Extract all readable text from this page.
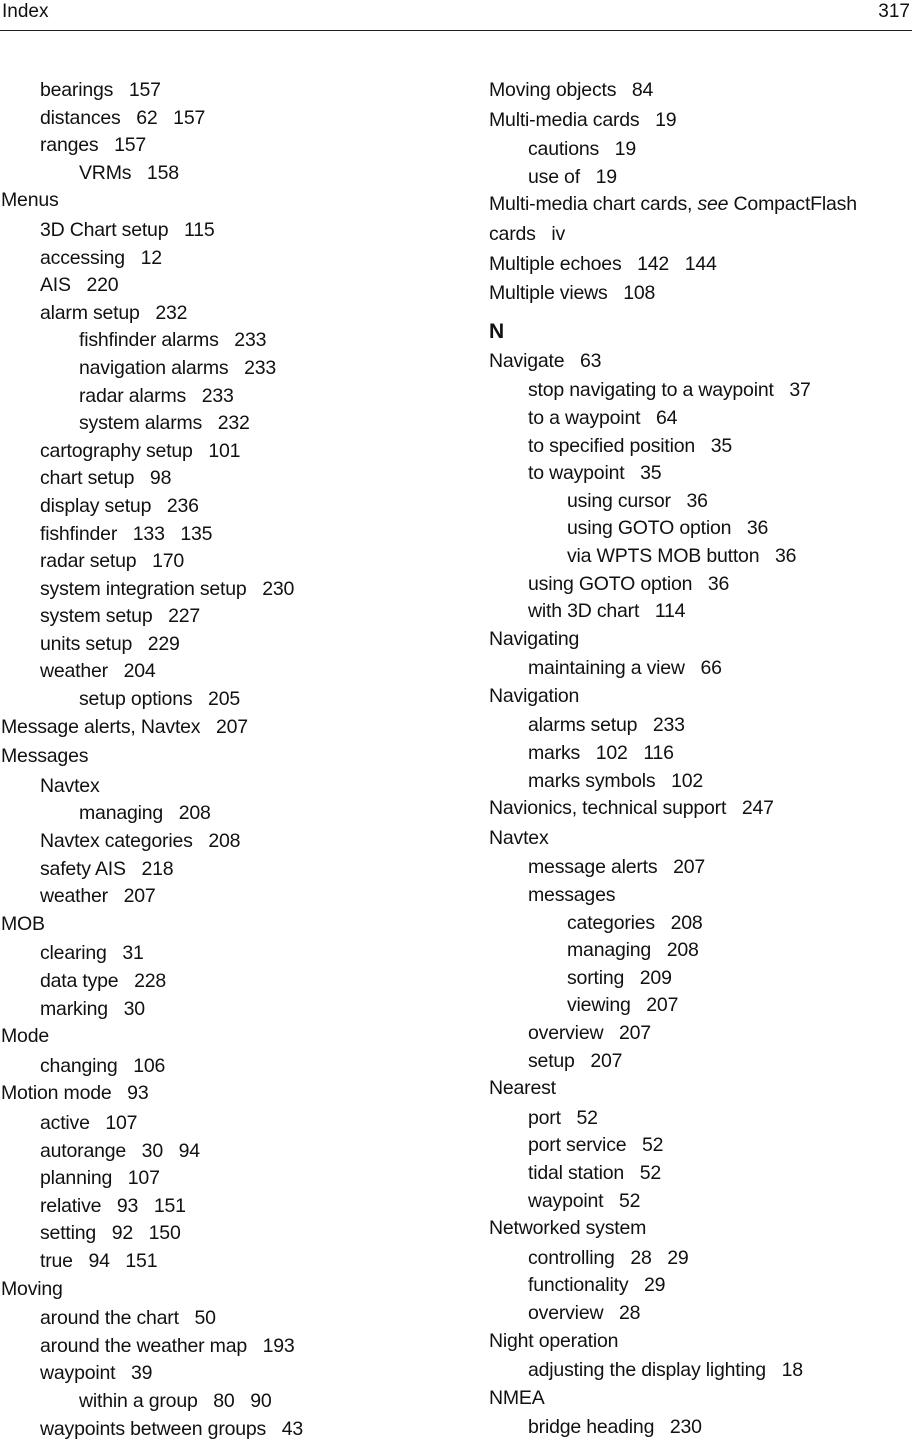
Index	317
bearings   157
distances   62   157
ranges   157
VRMs   158
Menus
3D Chart setup   115
accessing   12
AIS   220
alarm setup   232
fishfinder alarms   233
navigation alarms   233
radar alarms   233
system alarms   232
cartography setup   101
chart setup   98
display setup   236
fishfinder   133   135
radar setup   170
system integration setup   230
system setup   227
units setup   229
weather   204
setup options   205
Message alerts, Navtex   207
Messages
Navtex
managing   208
Navtex categories   208
safety AIS   218
weather   207
MOB
clearing   31
data type   228
marking   30
Mode
changing   106
Motion mode   93
active   107
autorange   30   94
planning   107
relative   93   151
setting   92   150
true   94   151
Moving
around the chart   50
around the weather map   193
waypoint   39
within a group   80   90
waypoints between groups   43
Moving objects   84
Multi-media cards   19
cautions   19
use of   19
Multi-media chart cards, see CompactFlash
cards   iv
Multiple echoes   142   144
Multiple views   108
N
Navigate   63
stop navigating to a waypoint   37
to a waypoint   64
to specified position   35
to waypoint   35
using cursor   36
using GOTO option   36
via WPTS MOB button   36
using GOTO option   36
with 3D chart   114
Navigating
maintaining a view   66
Navigation
alarms setup   233
marks   102   116
marks symbols   102
Navionics, technical support   247
Navtex
message alerts   207
messages
categories   208
managing   208
sorting   209
viewing   207
overview   207
setup   207
Nearest
port   52
port service   52
tidal station   52
waypoint   52
Networked system
controlling   28   29
functionality   29
overview   28
Night operation
adjusting the display lighting   18
NMEA
bridge heading   230
